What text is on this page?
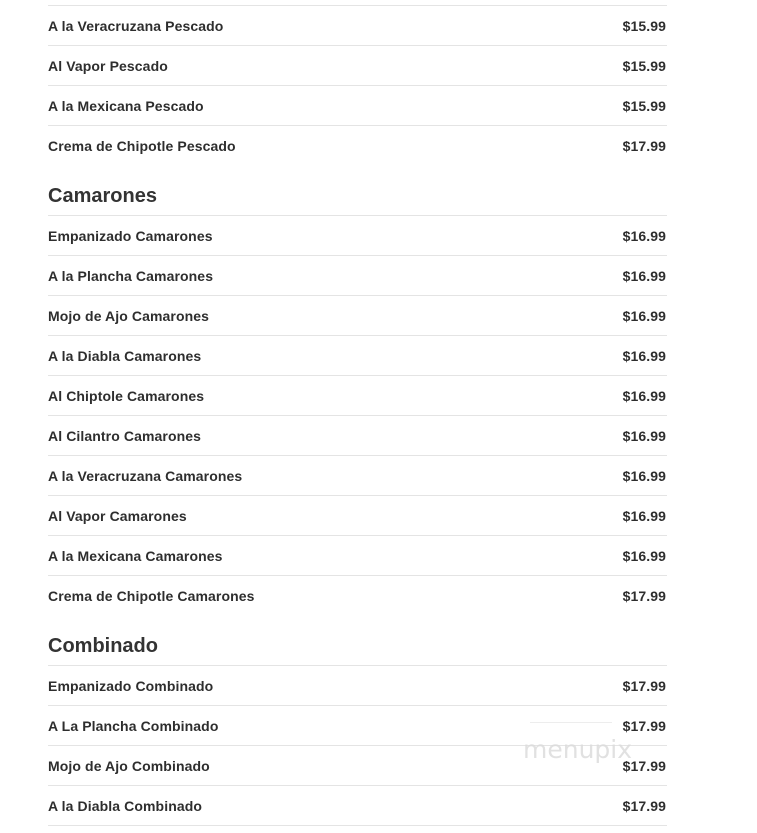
A la Veracruzana Pescado	$15.99
Al Vapor Pescado	$15.99
A la Mexicana Pescado	$15.99
Crema de Chipotle Pescado	$17.99
Camarones
Empanizado Camarones	$16.99
A la Plancha Camarones	$16.99
Mojo de Ajo Camarones	$16.99
A la Diabla Camarones	$16.99
Al Chiptole Camarones	$16.99
Al Cilantro Camarones	$16.99
A la Veracruzana Camarones	$16.99
Al Vapor Camarones	$16.99
A la Mexicana Camarones	$16.99
Crema de Chipotle Camarones	$17.99
Combinado
Empanizado Combinado	$17.99
A La Plancha Combinado	$17.99
Mojo de Ajo Combinado	$17.99
A la Diabla Combinado	$17.99
menupix
